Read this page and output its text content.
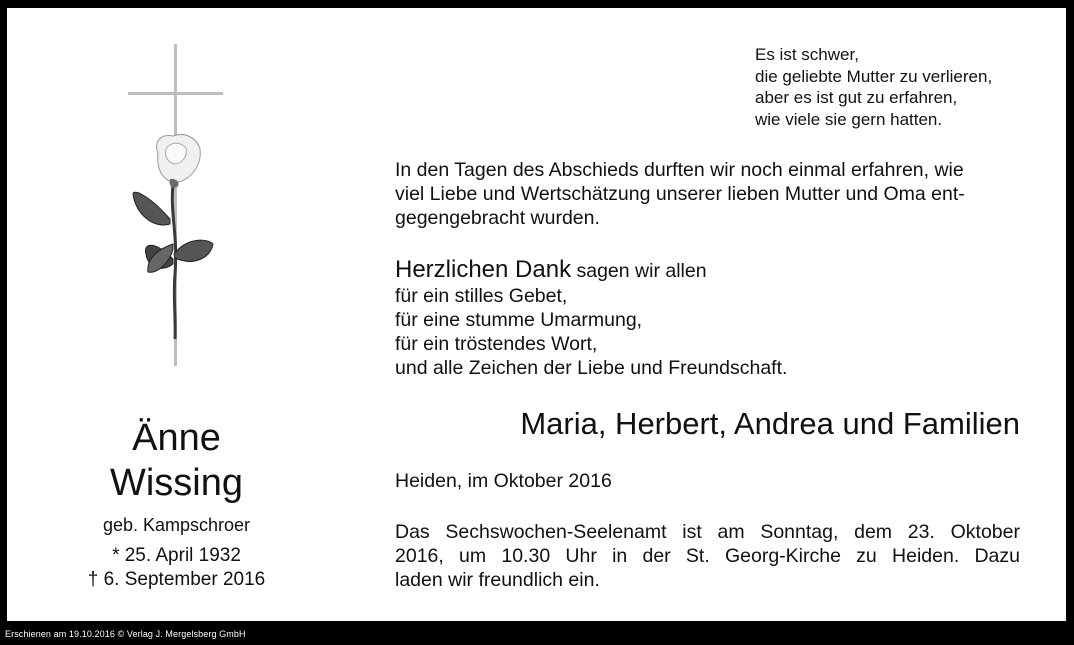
Es ist schwer,
die geliebte Mutter zu verlieren,
aber es ist gut zu erfahren,
wie viele sie gern hatten.
In den Tagen des Abschieds durften wir noch einmal erfahren, wie
viel Liebe und Wertschätzung unserer lieben Mutter und Oma ent-
gegengebracht wurden.
Herzlichen Dank sagen wir allen
für ein stilles Gebet,
für eine stumme Umarmung,
für ein tröstendes Wort,
und alle Zeichen der Liebe und Freundschaft.
Maria, Herbert, Andrea und Familien
Heiden, im Oktober 2016
Das Sechswochen-Seelenamt ist am Sonntag, dem 23. Oktober
2016, um 10.30 Uhr in der St. Georg-Kirche zu Heiden. Dazu
laden wir freundlich ein.
Änne
Wissing
geb. Kampschroer
* 25. April 1932
† 6. September 2016
Erschienen am 19.10.2016 © Verlag J. Mergelsberg GmbH
